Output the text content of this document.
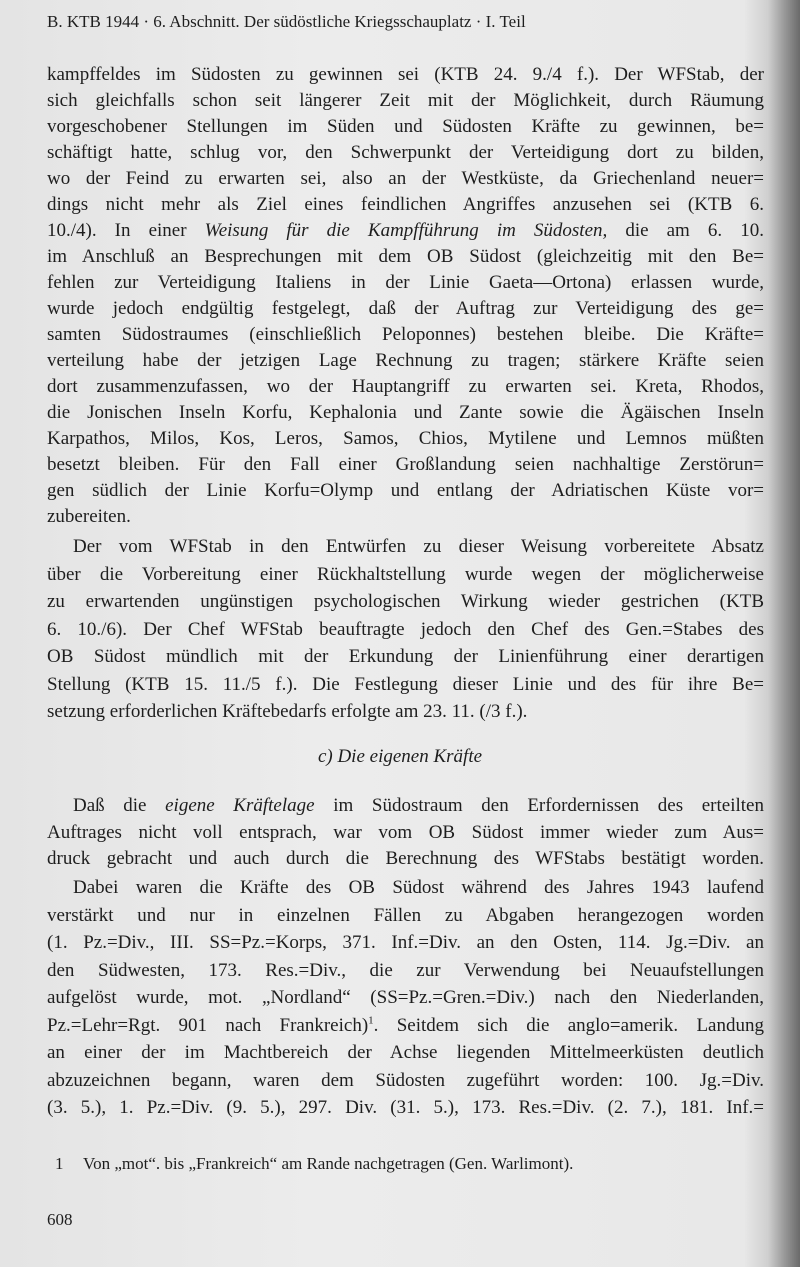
B. KTB 1944 · 6. Abschnitt. Der südöstliche Kriegsschauplatz · I. Teil
kampffeldes im Südosten zu gewinnen sei (KTB 24. 9./4 f.). Der WFStab, der
sich gleichfalls schon seit längerer Zeit mit der Möglichkeit, durch Räumung
vorgeschobener Stellungen im Süden und Südosten Kräfte zu gewinnen, be=
schäftigt hatte, schlug vor, den Schwerpunkt der Verteidigung dort zu bilden,
wo der Feind zu erwarten sei, also an der Westküste, da Griechenland neuer=
dings nicht mehr als Ziel eines feindlichen Angriffes anzusehen sei (KTB 6.
10./4). In einer Weisung für die Kampfführung im Südosten, die am 6. 10.
im Anschluß an Besprechungen mit dem OB Südost (gleichzeitig mit den Be=
fehlen zur Verteidigung Italiens in der Linie Gaeta—Ortona) erlassen wurde,
wurde jedoch endgültig festgelegt, daß der Auftrag zur Verteidigung des ge=
samten Südostraumes (einschließlich Peloponnes) bestehen bleibe. Die Kräfte=
verteilung habe der jetzigen Lage Rechnung zu tragen; stärkere Kräfte seien
dort zusammenzufassen, wo der Hauptangriff zu erwarten sei. Kreta, Rhodos,
die Jonischen Inseln Korfu, Kephalonia und Zante sowie die Ägäischen Inseln
Karpathos, Milos, Kos, Leros, Samos, Chios, Mytilene und Lemnos müßten
besetzt bleiben. Für den Fall einer Großlandung seien nachhaltige Zerstörun=
gen südlich der Linie Korfu=Olymp und entlang der Adriatischen Küste vor=
zubereiten.
Der vom WFStab in den Entwürfen zu dieser Weisung vorbereitete Absatz
über die Vorbereitung einer Rückhaltstellung wurde wegen der möglicherweise
zu erwartenden ungünstigen psychologischen Wirkung wieder gestrichen (KTB
6. 10./6). Der Chef WFStab beauftragte jedoch den Chef des Gen.=Stabes des
OB Südost mündlich mit der Erkundung der Linienführung einer derartigen
Stellung (KTB 15. 11./5 f.). Die Festlegung dieser Linie und des für ihre Be=
setzung erforderlichen Kräftebedarfs erfolgte am 23. 11. (/3 f.).
c) Die eigenen Kräfte
Daß die eigene Kräftelage im Südostraum den Erfordernissen des erteilten
Auftrages nicht voll entsprach, war vom OB Südost immer wieder zum Aus=
druck gebracht und auch durch die Berechnung des WFStabs bestätigt worden.
Dabei waren die Kräfte des OB Südost während des Jahres 1943 laufend
verstärkt und nur in einzelnen Fällen zu Abgaben herangezogen worden
(1. Pz.=Div., III. SS=Pz.=Korps, 371. Inf.=Div. an den Osten, 114. Jg.=Div. an
den Südwesten, 173. Res.=Div., die zur Verwendung bei Neuaufstellungen
aufgelöst wurde, mot. „Nordland“ (SS=Pz.=Gren.=Div.) nach den Niederlanden,
Pz.=Lehr=Rgt. 901 nach Frankreich)$^1$. Seitdem sich die anglo=amerik. Landung
an einer der im Machtbereich der Achse liegenden Mittelmeerküsten deutlich
abzuzeichnen begann, waren dem Südosten zugeführt worden: 100. Jg.=Div.
(3. 5.), 1. Pz.=Div. (9. 5.), 297. Div. (31. 5.), 173. Res.=Div. (2. 7.), 181. Inf.=
1 Von „mot“. bis „Frankreich“ am Rande nachgetragen (Gen. Warlimont).
608
